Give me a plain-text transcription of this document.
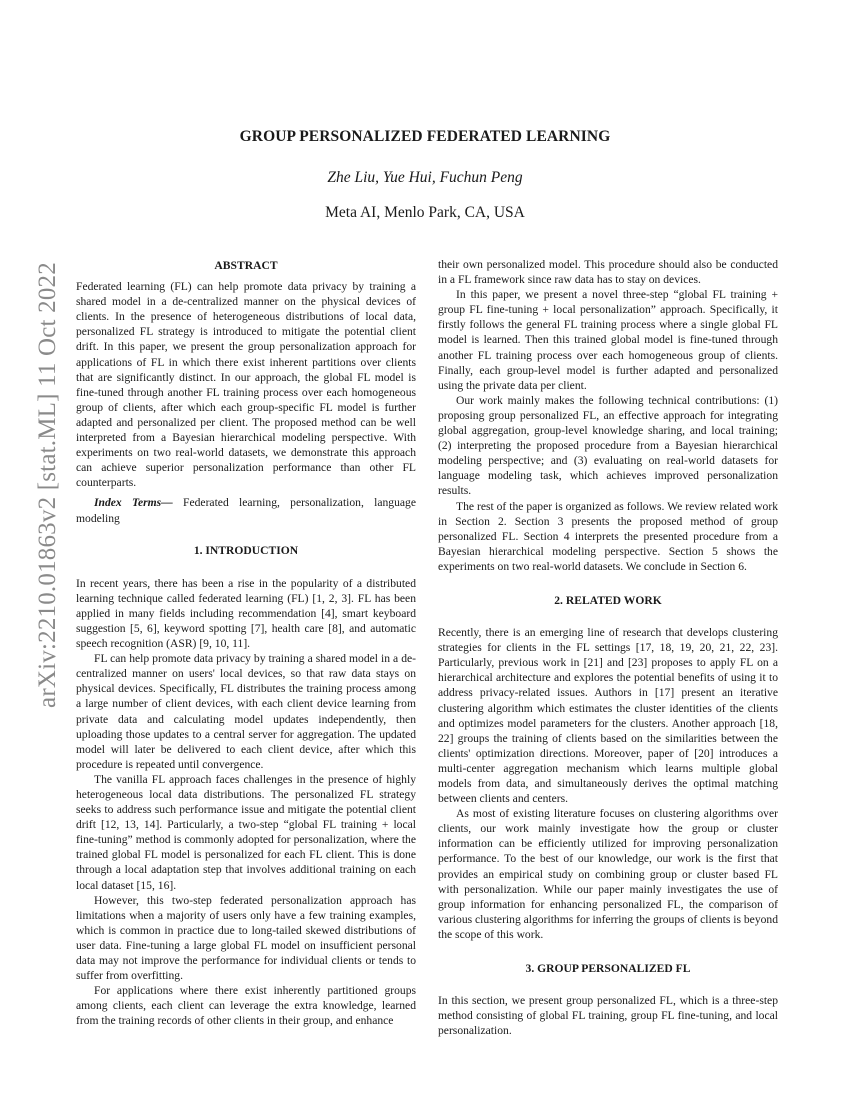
arXiv:2210.01863v2 [stat.ML] 11 Oct 2022
GROUP PERSONALIZED FEDERATED LEARNING
Zhe Liu, Yue Hui, Fuchun Peng
Meta AI, Menlo Park, CA, USA
ABSTRACT

Federated learning (FL) can help promote data privacy by training a shared model in a de-centralized manner on the physical devices of clients. In the presence of heterogeneous distributions of local data, personalized FL strategy is introduced to mitigate the potential client drift. In this paper, we present the group personalization approach for applications of FL in which there exist inherent partitions over clients that are significantly distinct. In our approach, the global FL model is fine-tuned through another FL training process over each homogeneous group of clients, after which each group-specific FL model is further adapted and personalized per client. The proposed method can be well interpreted from a Bayesian hierarchical modeling perspective. With experiments on two real-world datasets, we demonstrate this approach can achieve superior personalization performance than other FL counterparts.

Index Terms— Federated learning, personalization, language modeling

1. INTRODUCTION

In recent years, there has been a rise in the popularity of a distributed learning technique called federated learning (FL) [1, 2, 3]. FL has been applied in many fields including recommendation [4], smart keyboard suggestion [5, 6], keyword spotting [7], health care [8], and automatic speech recognition (ASR) [9, 10, 11].

FL can help promote data privacy by training a shared model in a de-centralized manner on users' local devices, so that raw data stays on physical devices. Specifically, FL distributes the training process among a large number of client devices, with each client device learning from private data and calculating model updates independently, then uploading those updates to a central server for aggregation. The updated model will later be delivered to each client device, after which this procedure is repeated until convergence.

The vanilla FL approach faces challenges in the presence of highly heterogeneous local data distributions. The personalized FL strategy seeks to address such performance issue and mitigate the potential client drift [12, 13, 14]. Particularly, a two-step “global FL training + local fine-tuning” method is commonly adopted for personalization, where the trained global FL model is personalized for each FL client. This is done through a local adaptation step that involves additional training on each local dataset [15, 16].

However, this two-step federated personalization approach has limitations when a majority of users only have a few training examples, which is common in practice due to long-tailed skewed distributions of user data. Fine-tuning a large global FL model on insufficient personal data may not improve the performance for individual clients or tends to suffer from overfitting.

For applications where there exist inherently partitioned groups among clients, each client can leverage the extra knowledge, learned from the training records of other clients in their group, and enhance

their own personalized model. This procedure should also be conducted in a FL framework since raw data has to stay on devices.

In this paper, we present a novel three-step “global FL training + group FL fine-tuning + local personalization” approach. Specifically, it firstly follows the general FL training process where a single global FL model is learned. Then this trained global model is fine-tuned through another FL training process over each homogeneous group of clients. Finally, each group-level model is further adapted and personalized using the private data per client.

Our work mainly makes the following technical contributions: (1) proposing group personalized FL, an effective approach for integrating global aggregation, group-level knowledge sharing, and local training; (2) interpreting the proposed procedure from a Bayesian hierarchical modeling perspective; and (3) evaluating on real-world datasets for language modeling task, which achieves improved personalization results.

The rest of the paper is organized as follows. We review related work in Section 2. Section 3 presents the proposed method of group personalized FL. Section 4 interprets the presented procedure from a Bayesian hierarchical modeling perspective. Section 5 shows the experiments on two real-world datasets. We conclude in Section 6.

2. RELATED WORK

Recently, there is an emerging line of research that develops clustering strategies for clients in the FL settings [17, 18, 19, 20, 21, 22, 23]. Particularly, previous work in [21] and [23] proposes to apply FL on a hierarchical architecture and explores the potential benefits of using it to address privacy-related issues. Authors in [17] present an iterative clustering algorithm which estimates the cluster identities of the clients and optimizes model parameters for the clusters. Another approach [18, 22] groups the training of clients based on the similarities between the clients' optimization directions. Moreover, paper of [20] introduces a multi-center aggregation mechanism which learns multiple global models from data, and simultaneously derives the optimal matching between clients and centers.

As most of existing literature focuses on clustering algorithms over clients, our work mainly investigate how the group or cluster information can be efficiently utilized for improving personalization performance. To the best of our knowledge, our work is the first that provides an empirical study on combining group or cluster based FL with personalization. While our paper mainly investigates the use of group information for enhancing personalized FL, the comparison of various clustering algorithms for inferring the groups of clients is beyond the scope of this work.

3. GROUP PERSONALIZED FL

In this section, we present group personalized FL, which is a three-step method consisting of global FL training, group FL fine-tuning, and local personalization.
